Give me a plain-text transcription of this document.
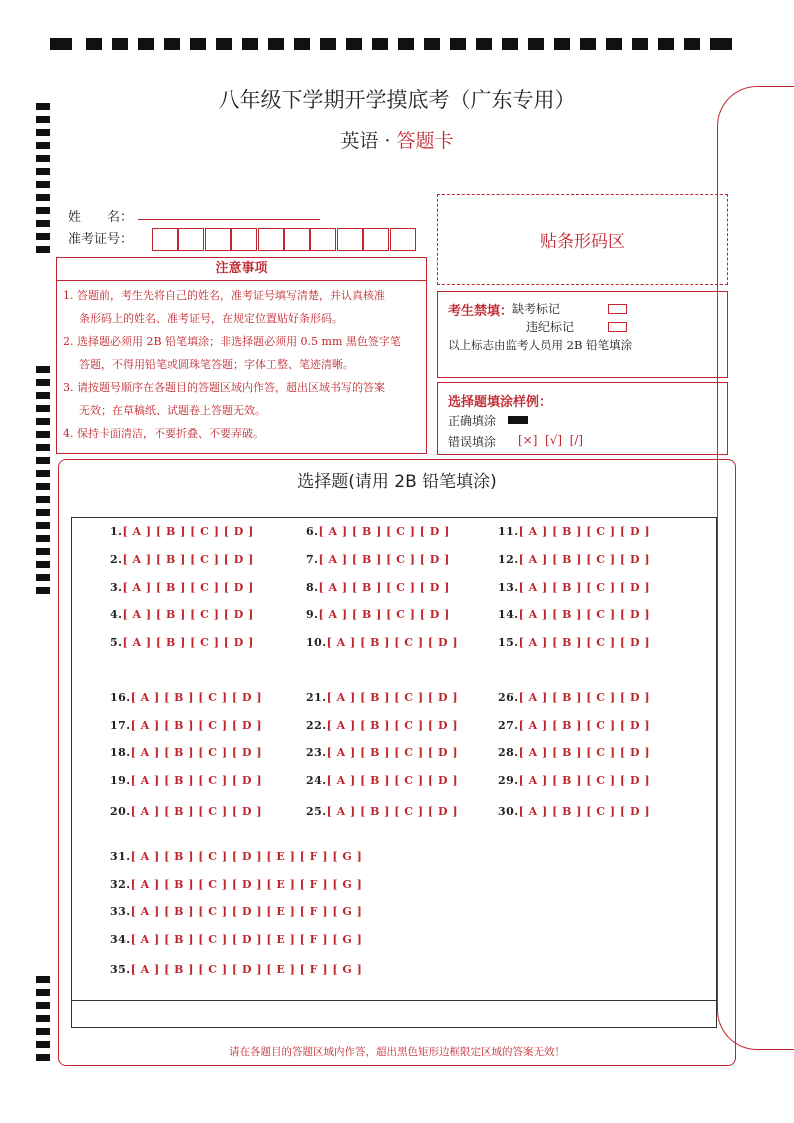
八年级下学期开学摸底考（广东专用）
英语 · 答题卡
姓　　名：
准考证号：	贴条形码区
注意事项
1. 答题前，考生先将自己的姓名，准考证号填写清楚，并认真核准
条形码上的姓名、准考证号，在规定位置贴好条形码。
2. 选择题必须用 2B 铅笔填涂；非选择题必须用 0.5 mm 黑色签字笔
答题，不得用铅笔或圆珠笔答题；字体工整、笔迹清晰。
3. 请按题号顺序在各题目的答题区域内作答，超出区域书写的答案
无效；在草稿纸、试题卷上答题无效。
4. 保持卡面清洁，不要折叠、不要弄破。
考生禁填：
缺考标记
违纪标记
以上标志由监考人员用 2B 铅笔填涂
选择题填涂样例：
正确填涂
错误填涂 [×]  [√]  [/]
选择题(请用 2B 铅笔填涂)
1.[ A ] [ B ] [ C ] [ D ]
2.[ A ] [ B ] [ C ] [ D ]
3.[ A ] [ B ] [ C ] [ D ]
4.[ A ] [ B ] [ C ] [ D ]
5.[ A ] [ B ] [ C ] [ D ]
6.[ A ] [ B ] [ C ] [ D ]
7.[ A ] [ B ] [ C ] [ D ]
8.[ A ] [ B ] [ C ] [ D ]
9.[ A ] [ B ] [ C ] [ D ]
10.[ A ] [ B ] [ C ] [ D ]
11.[ A ] [ B ] [ C ] [ D ]
12.[ A ] [ B ] [ C ] [ D ]
13.[ A ] [ B ] [ C ] [ D ]
14.[ A ] [ B ] [ C ] [ D ]
15.[ A ] [ B ] [ C ] [ D ]
16.[ A ] [ B ] [ C ] [ D ]
17.[ A ] [ B ] [ C ] [ D ]
18.[ A ] [ B ] [ C ] [ D ]
19.[ A ] [ B ] [ C ] [ D ]
20.[ A ] [ B ] [ C ] [ D ]
21.[ A ] [ B ] [ C ] [ D ]
22.[ A ] [ B ] [ C ] [ D ]
23.[ A ] [ B ] [ C ] [ D ]
24.[ A ] [ B ] [ C ] [ D ]
25.[ A ] [ B ] [ C ] [ D ]
26.[ A ] [ B ] [ C ] [ D ]
27.[ A ] [ B ] [ C ] [ D ]
28.[ A ] [ B ] [ C ] [ D ]
29.[ A ] [ B ] [ C ] [ D ]
30.[ A ] [ B ] [ C ] [ D ]
31.[ A ] [ B ] [ C ] [ D ] [ E ] [ F ] [ G ]
32.[ A ] [ B ] [ C ] [ D ] [ E ] [ F ] [ G ]
33.[ A ] [ B ] [ C ] [ D ] [ E ] [ F ] [ G ]
34.[ A ] [ B ] [ C ] [ D ] [ E ] [ F ] [ G ]
35.[ A ] [ B ] [ C ] [ D ] [ E ] [ F ] [ G ]
请在各题目的答题区域内作答，超出黑色矩形边框限定区域的答案无效！
